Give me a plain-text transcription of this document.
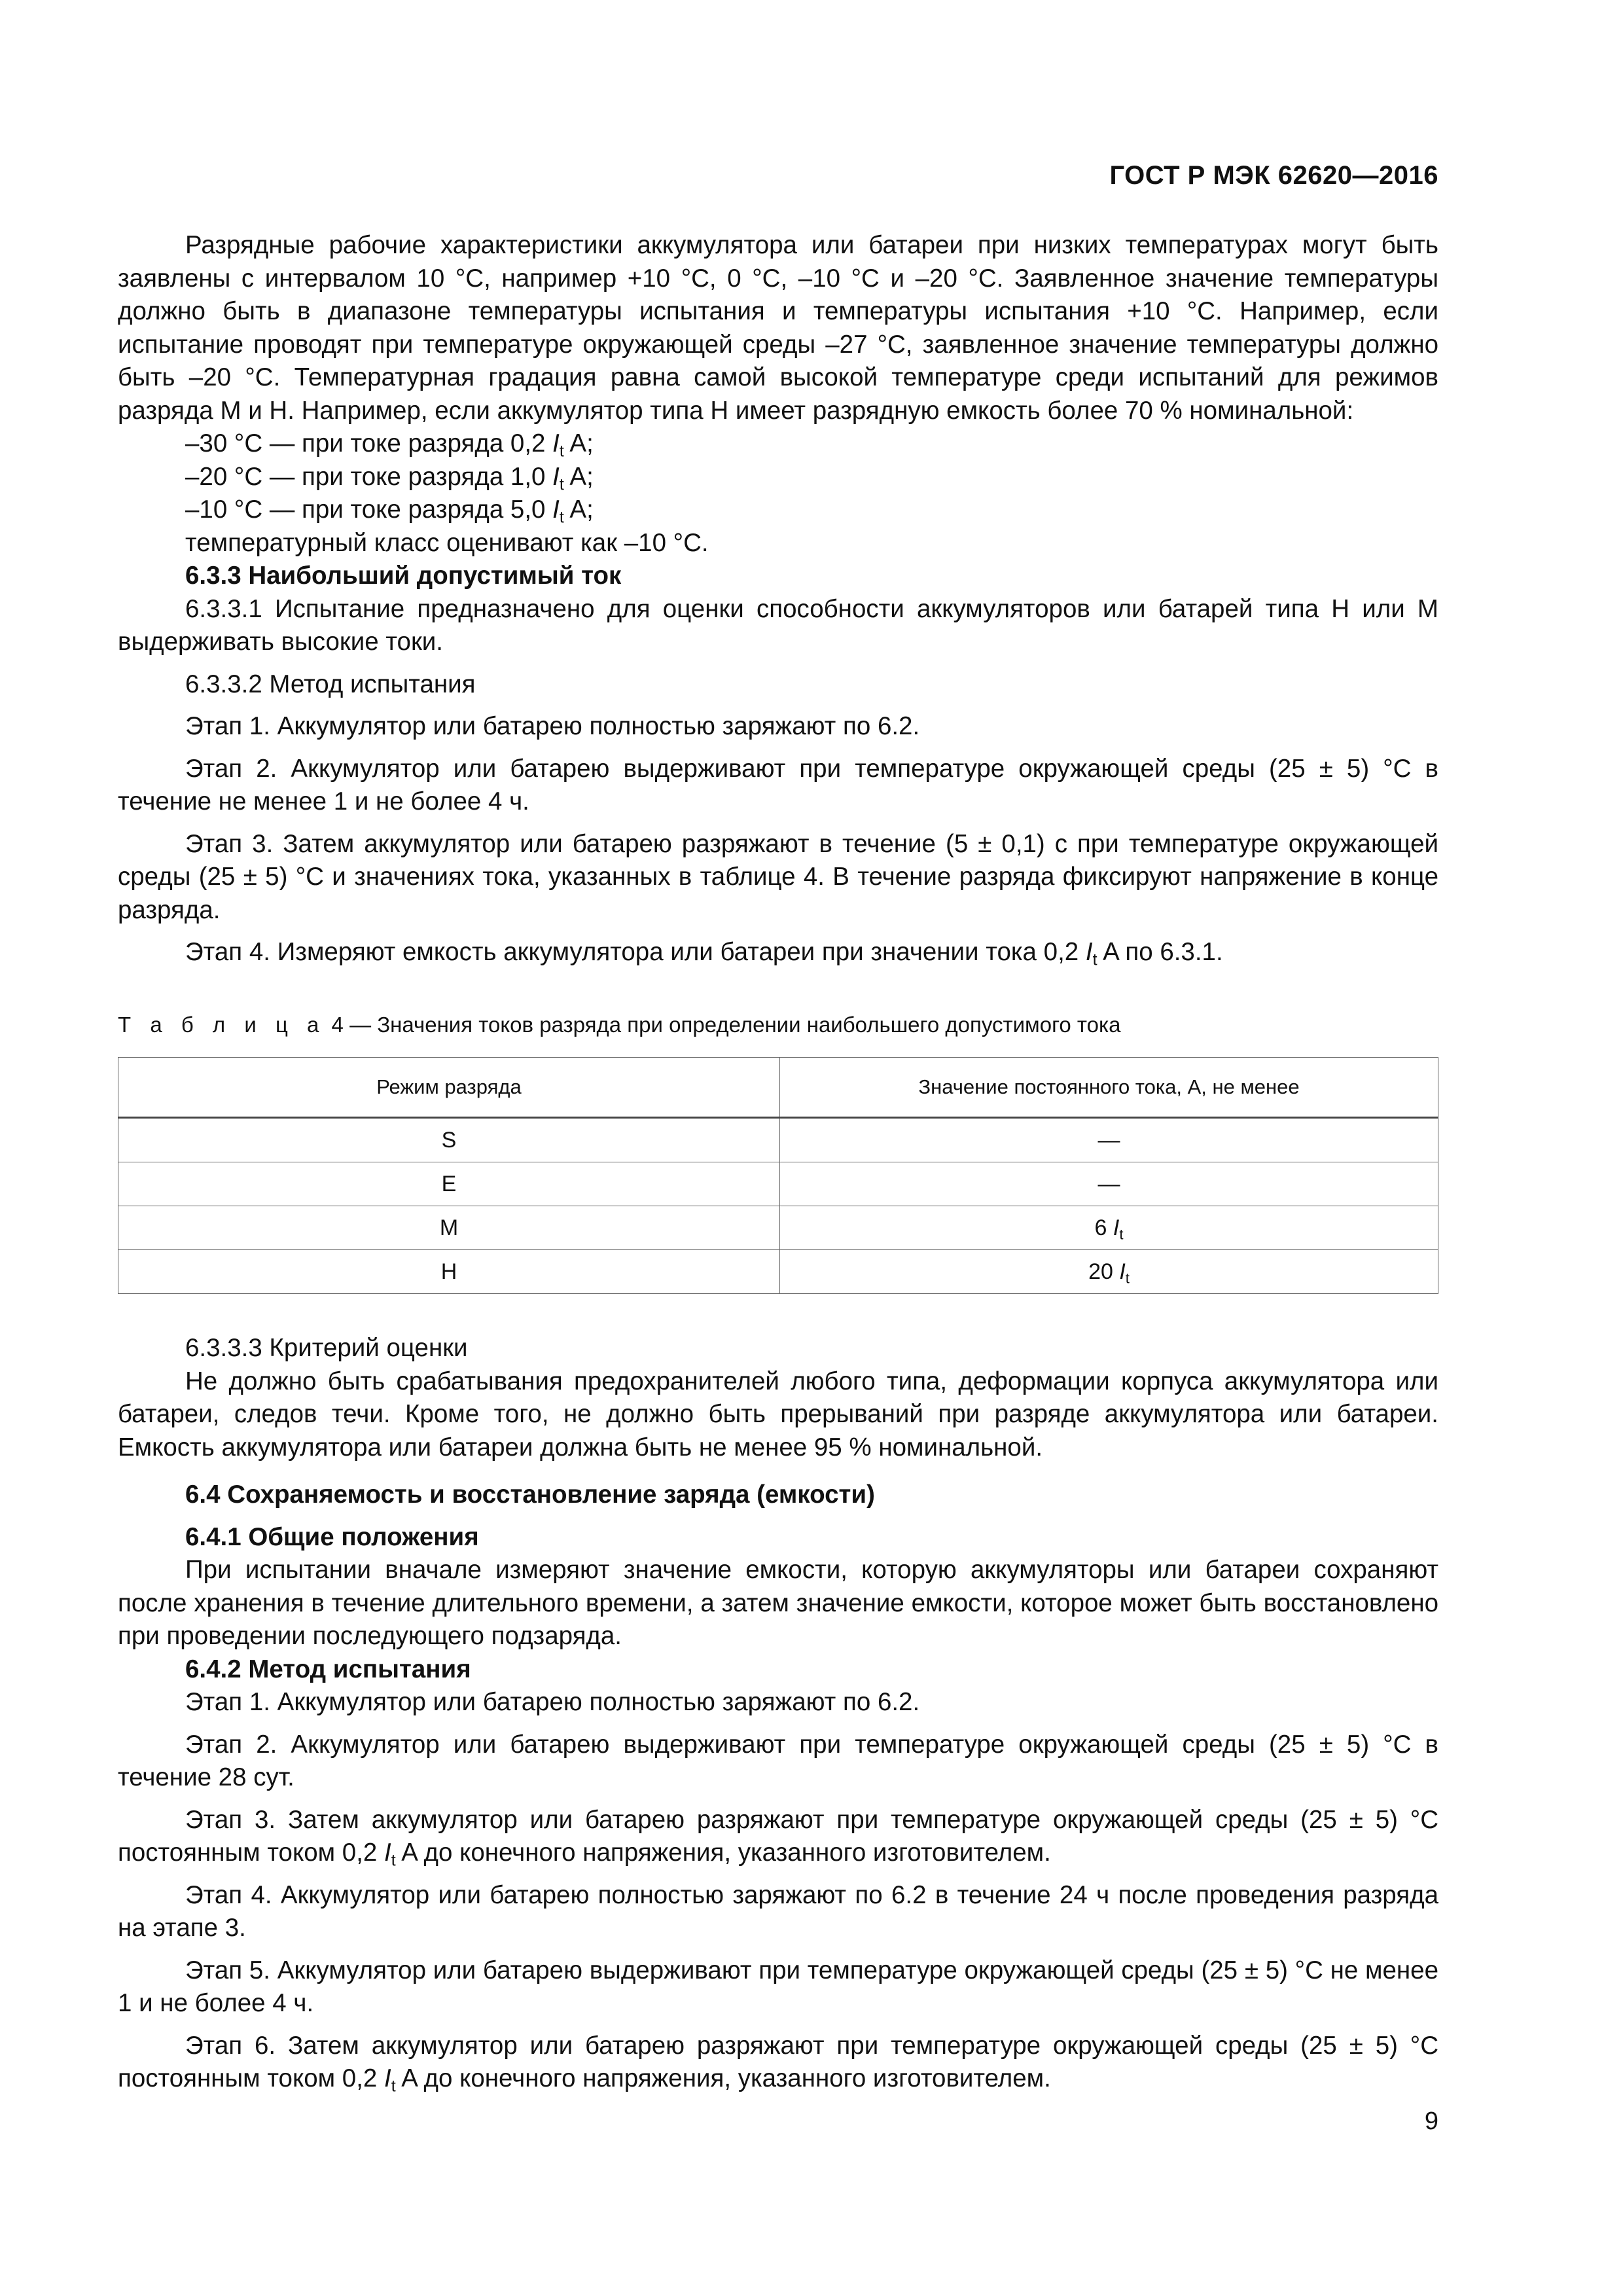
ГОСТ Р МЭК 62620—2016

Разрядные рабочие характеристики аккумулятора или батареи при низких температурах могут быть заявлены с интервалом 10 °C, например +10 °C, 0 °C, –10 °C и –20 °C. Заявленное значение температуры должно быть в диапазоне температуры испытания и температуры испытания +10 °C. Например, если испытание проводят при температуре окружающей среды –27 °C, заявленное значение температуры должно быть –20 °C. Температурная градация равна самой высокой температуре среди испытаний для режимов разряда M и H. Например, если аккумулятор типа H имеет разрядную емкость более 70 % номинальной:

–30 °C — при токе разряда 0,2 $I_t$ A;

–20 °C — при токе разряда 1,0 $I_t$ A;

–10 °C — при токе разряда 5,0 $I_t$ A;

температурный класс оценивают как –10 °C.

6.3.3 Наибольший допустимый ток

6.3.3.1 Испытание предназначено для оценки способности аккумуляторов или батарей типа H или M выдерживать высокие токи.

6.3.3.2 Метод испытания

Этап 1. Аккумулятор или батарею полностью заряжают по 6.2.

Этап 2. Аккумулятор или батарею выдерживают при температуре окружающей среды (25 ± 5) °C в течение не менее 1 и не более 4 ч.

Этап 3. Затем аккумулятор или батарею разряжают в течение (5 ± 0,1) с при температуре окружающей среды (25 ± 5) °C и значениях тока, указанных в таблице 4. В течение разряда фиксируют напряжение в конце разряда.

Этап 4. Измеряют емкость аккумулятора или батареи при значении тока 0,2 $I_t$ A по 6.3.1.

Т а б л и ц а 4 — Значения токов разряда при определении наибольшего допустимого тока
Режим разряда	Значение постоянного тока, A, не менее
S	—
E	—
M	6 $I_t$
H	20 $I_t$

6.3.3.3 Критерий оценки

Не должно быть срабатывания предохранителей любого типа, деформации корпуса аккумулятора или батареи, следов течи. Кроме того, не должно быть прерываний при разряде аккумулятора или батареи. Емкость аккумулятора или батареи должна быть не менее 95 % номинальной.

6.4 Сохраняемость и восстановление заряда (емкости)

6.4.1 Общие положения

При испытании вначале измеряют значение емкости, которую аккумуляторы или батареи сохраняют после хранения в течение длительного времени, а затем значение емкости, которое может быть восстановлено при проведении последующего подзаряда.

6.4.2 Метод испытания

Этап 1. Аккумулятор или батарею полностью заряжают по 6.2.

Этап 2. Аккумулятор или батарею выдерживают при температуре окружающей среды (25 ± 5) °C в течение 28 сут.

Этап 3. Затем аккумулятор или батарею разряжают при температуре окружающей среды (25 ± 5) °C постоянным током 0,2 $I_t$ A до конечного напряжения, указанного изготовителем.

Этап 4. Аккумулятор или батарею полностью заряжают по 6.2 в течение 24 ч после проведения разряда на этапе 3.

Этап 5. Аккумулятор или батарею выдерживают при температуре окружающей среды (25 ± 5) °C не менее 1 и не более 4 ч.

Этап 6. Затем аккумулятор или батарею разряжают при температуре окружающей среды (25 ± 5) °C постоянным током 0,2 $I_t$ A до конечного напряжения, указанного изготовителем.

9
